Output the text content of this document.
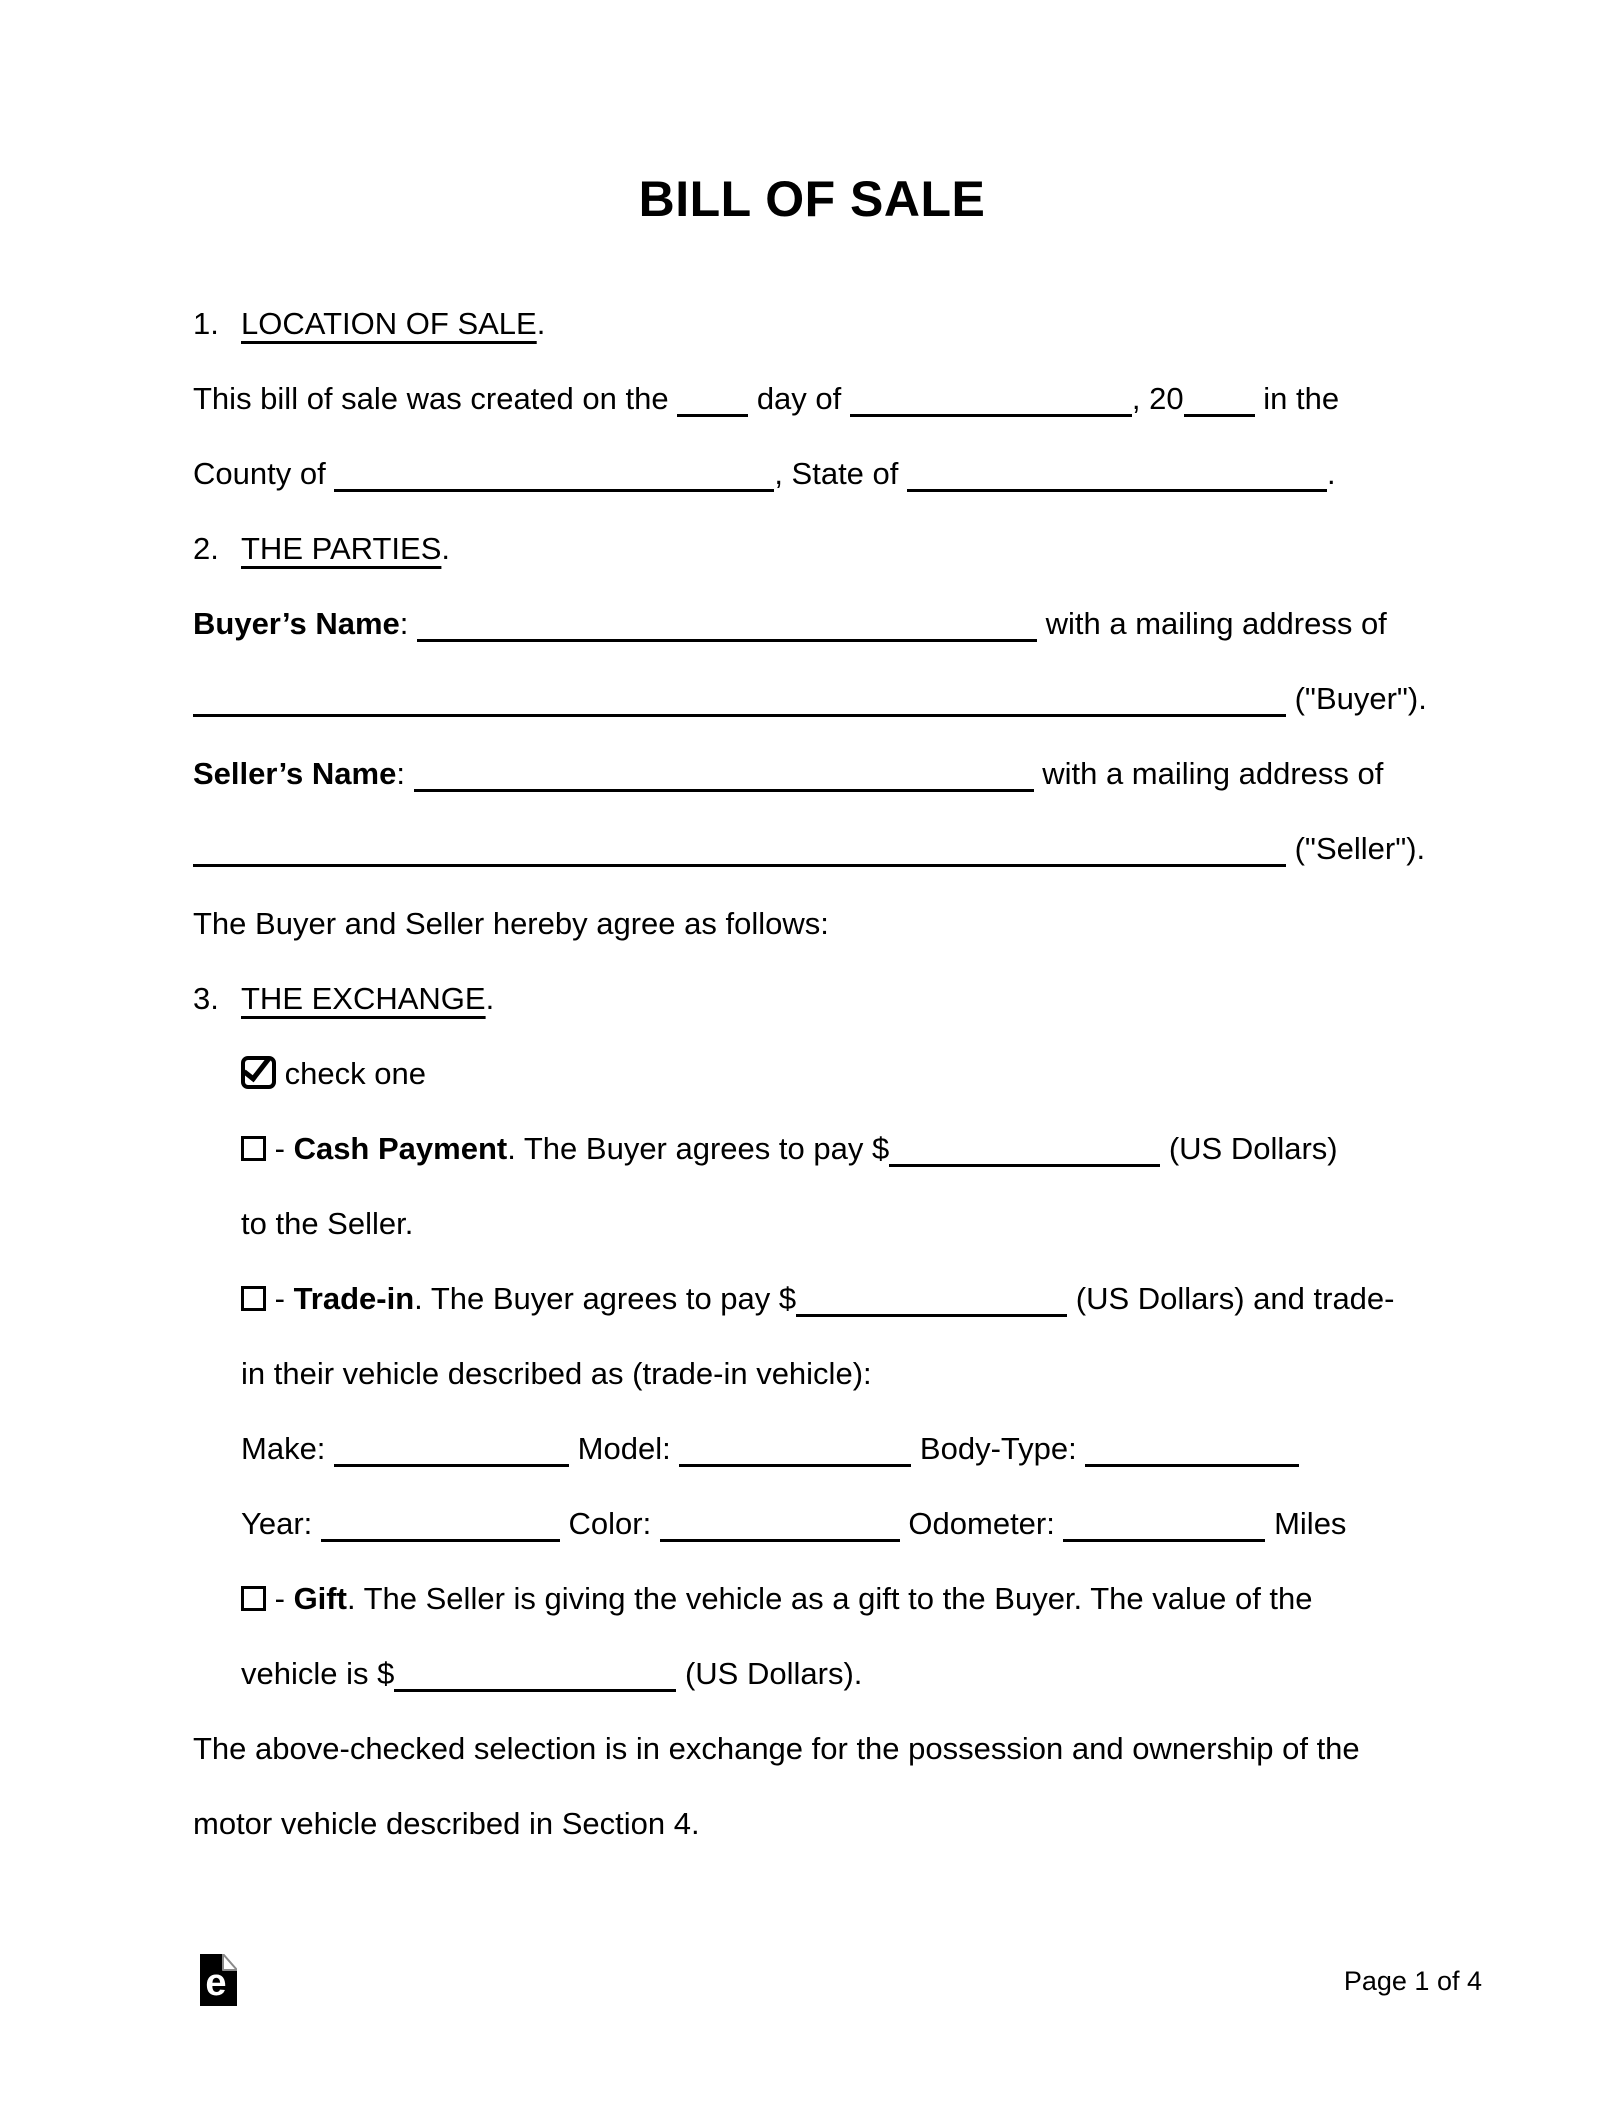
BILL OF SALE
1. LOCATION OF SALE.
This bill of sale was created on the  day of	, 20 in the
County of	, State of	.
2. THE PARTIES.
Buyer’s Name:	with a mailing address of
("Buyer").
Seller’s Name:	with a mailing address of
("Seller").
The Buyer and Seller hereby agree as follows:
3. THE EXCHANGE.
check one
- Cash Payment. The Buyer agrees to pay $	(US Dollars)
to the Seller.
- Trade-in. The Buyer agrees to pay $	(US Dollars) and trade-
in their vehicle described as (trade-in vehicle):
Make:	Model:	Body-Type:
Year:	Color:	Odometer:	Miles
- Gift. The Seller is giving the vehicle as a gift to the Buyer. The value of the
vehicle is $	(US Dollars).
The above-checked selection is in exchange for the possession and ownership of the
motor vehicle described in Section 4.
e	Page 1 of 4
